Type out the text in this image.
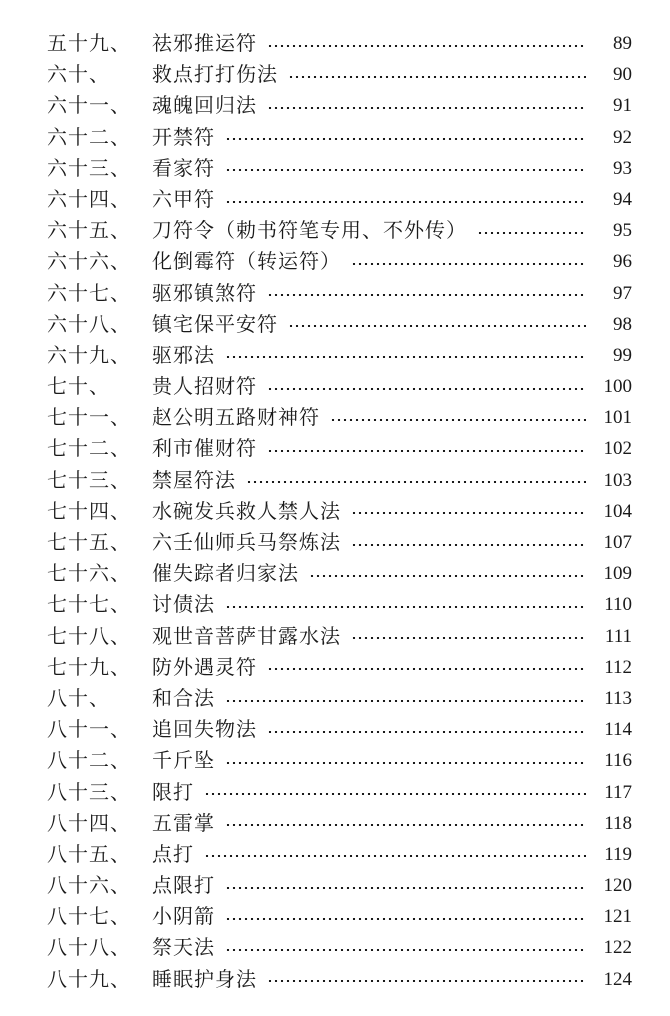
五十九、 祛邪推运符	89
六十、 救点打打伤法	90
六十一、 魂魄回归法	91
六十二、 开禁符	92
六十三、 看家符	93
六十四、 六甲符	94
六十五、 刀符令（勅书符笔专用、不外传）	95
六十六、 化倒霉符（转运符）	96
六十七、 驱邪镇煞符	97
六十八、 镇宅保平安符	98
六十九、 驱邪法	99
七十、 贵人招财符	100
七十一、 赵公明五路财神符	101
七十二、 利市催财符	102
七十三、 禁屋符法	103
七十四、 水碗发兵救人禁人法	104
七十五、 六壬仙师兵马祭炼法	107
七十六、 催失踪者归家法	109
七十七、 讨债法	110
七十八、 观世音菩萨甘露水法	111
七十九、 防外遇灵符	112
八十、 和合法	113
八十一、 追回失物法	114
八十二、 千斤坠	116
八十三、 限打	117
八十四、 五雷掌	118
八十五、 点打	119
八十六、 点限打	120
八十七、 小阴箭	121
八十八、 祭天法	122
八十九、 睡眠护身法	124
